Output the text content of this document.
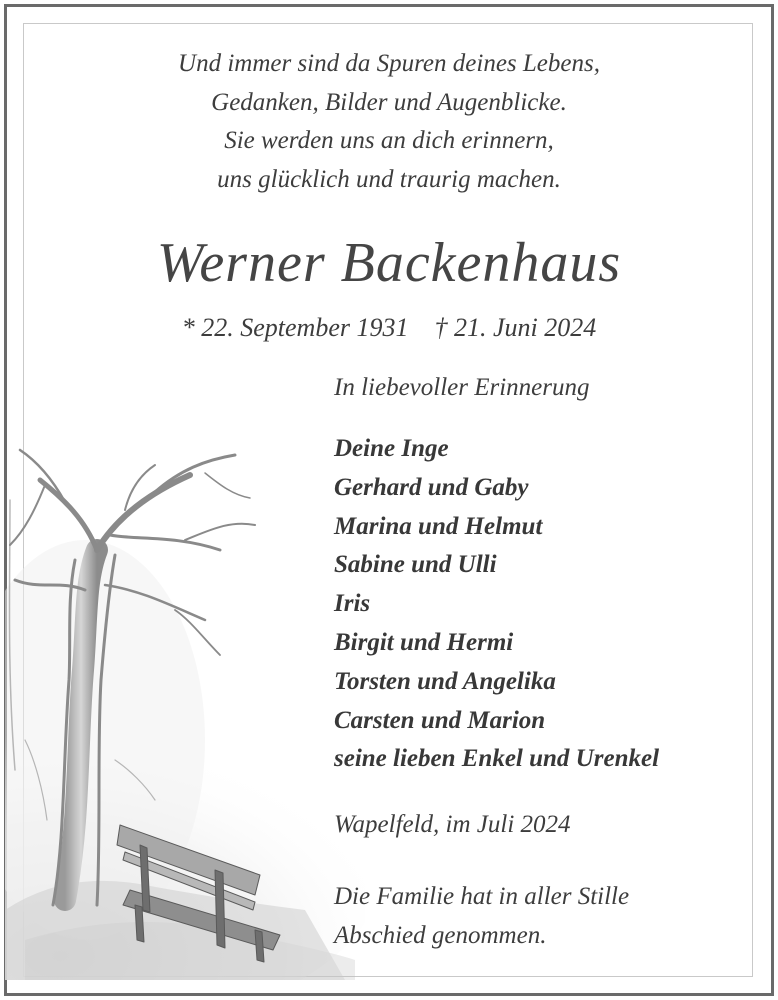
Und immer sind da Spuren deines Lebens,
Gedanken, Bilder und Augenblicke.
Sie werden uns an dich erinnern,
uns glücklich und traurig machen.
Werner Backenhaus
* 22. September 1931 † 21. Juni 2024
In liebevoller Erinnerung
Deine Inge
Gerhard und Gaby
Marina und Helmut
Sabine und Ulli
Iris
Birgit und Hermi
Torsten und Angelika
Carsten und Marion
seine lieben Enkel und Urenkel
Wapelfeld, im Juli 2024
Die Familie hat in aller Stille
Abschied genommen.
